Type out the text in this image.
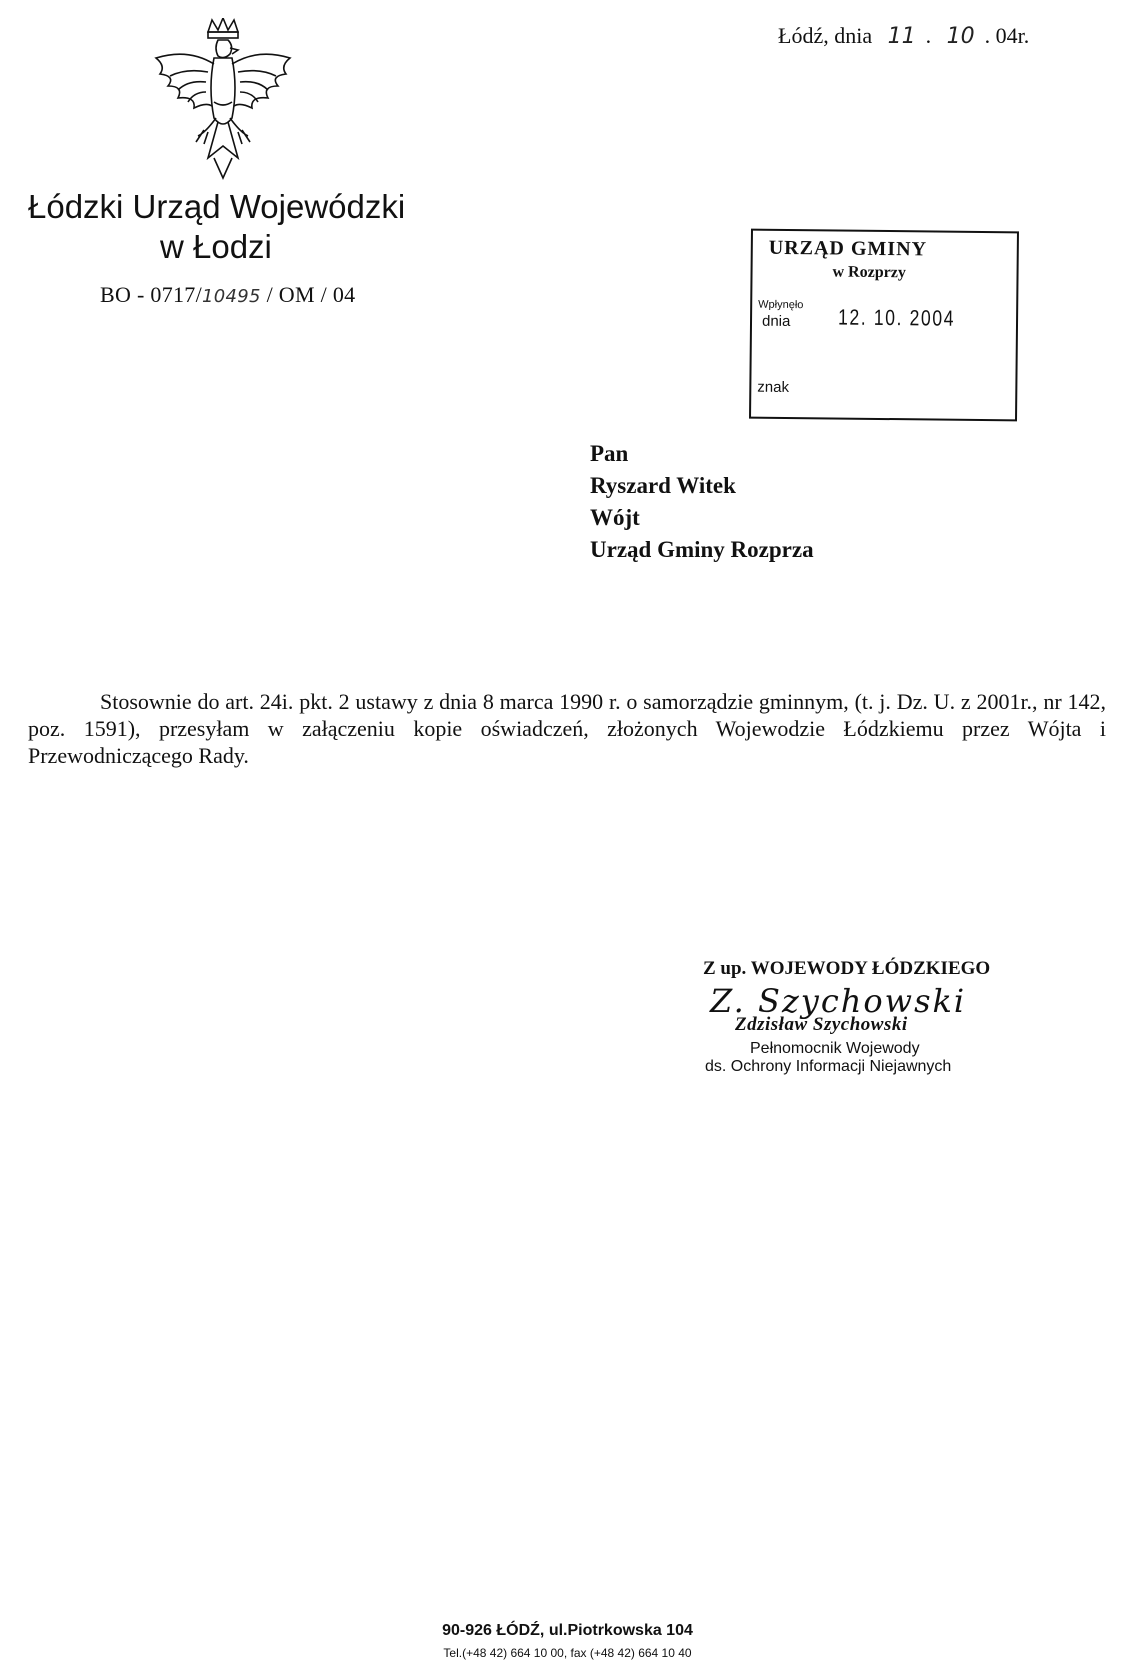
Łódzki Urząd Wojewódzki
w Łodzi
BO - 0717/10495 / OM / 04
Łódź, dnia 11 . 10 . 04r.
URZĄD GMINY
w Rozprzy
Wpłynęło
dnia 12. 10. 2004
znak
Pan
Ryszard Witek
Wójt
Urząd Gminy Rozprza

Stosownie do art. 24i. pkt. 2 ustawy z dnia 8 marca 1990 r. o samorządzie gminnym, (t. j. Dz. U. z 2001r., nr 142, poz. 1591), przesyłam w załączeniu kopie oświadczeń, złożonych Wojewodzie Łódzkiemu przez Wójta i Przewodniczącego Rady.

Z up. WOJEWODY ŁÓDZKIEGO
Z. Szychowski
Zdzisław Szychowski
Pełnomocnik Wojewody
ds. Ochrony Informacji Niejawnych
90-926 ŁÓDŹ, ul.Piotrkowska 104
Tel.(+48 42) 664 10 00, fax (+48 42) 664 10 40
